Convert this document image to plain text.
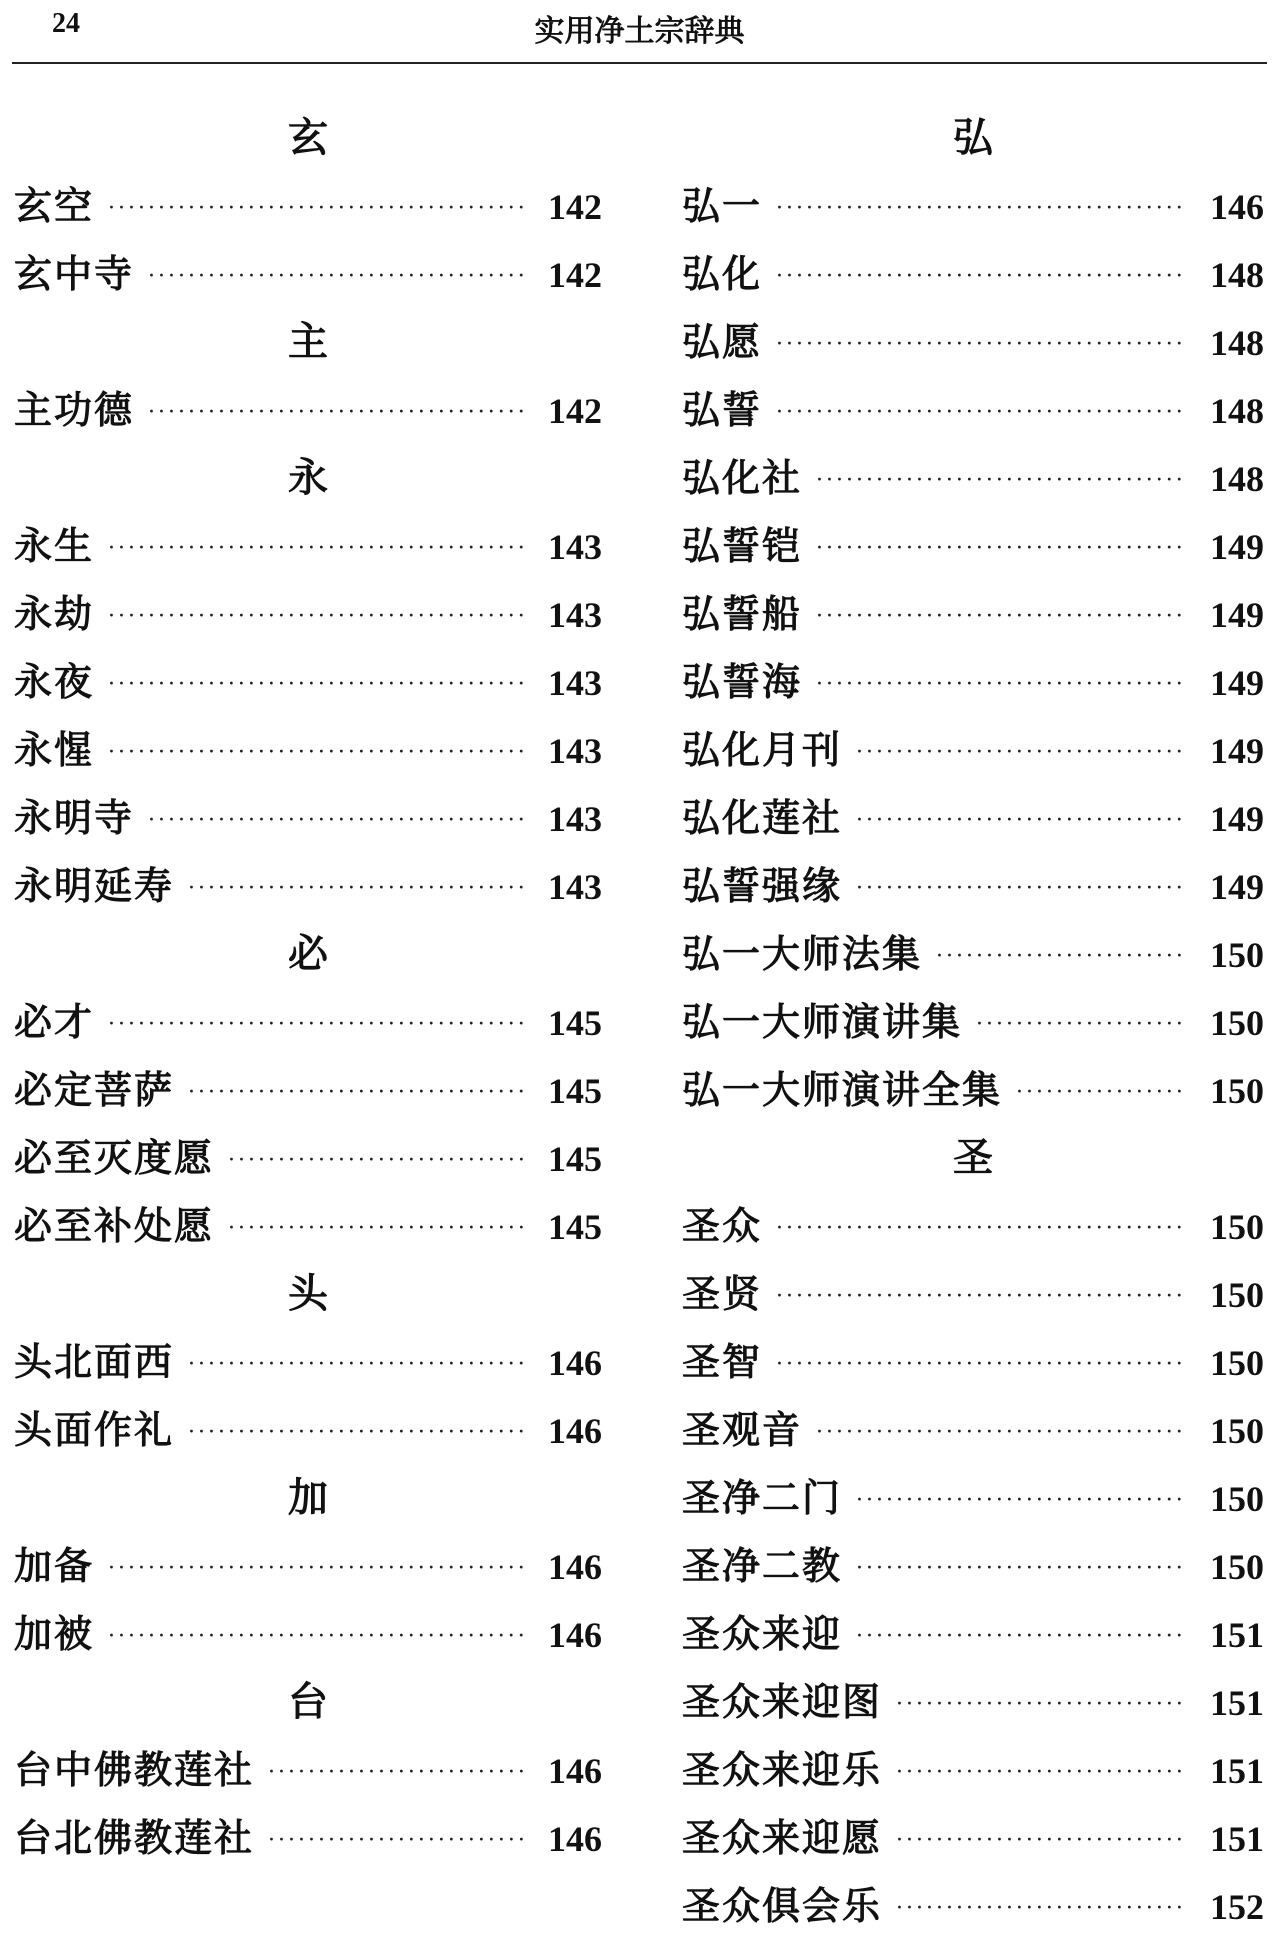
24	实用净土宗辞典
玄
玄空 ·····	142
玄中寺 ·····	142
主
主功德 ·····	142
永
永生 ·····	143
永劫 ·····	143
永夜 ·····	143
永惺 ·····	143
永明寺 ·····	143
永明延寿 ·····	143
必
必才 ·····	145
必定菩萨 ·····	145
必至灭度愿 ·····	145
必至补处愿 ·····	145
头
头北面西 ·····	146
头面作礼 ·····	146
加
加备 ·····	146
加被 ·····	146
台
台中佛教莲社 ·····	146
台北佛教莲社 ·····	146
弘
弘一 ·····	146
弘化 ·····	148
弘愿 ·····	148
弘誓 ·····	148
弘化社 ·····	148
弘誓铠 ·····	149
弘誓船 ·····	149
弘誓海 ·····	149
弘化月刊 ·····	149
弘化莲社 ·····	149
弘誓强缘 ·····	149
弘一大师法集 ·····	150
弘一大师演讲集 ·····	150
弘一大师演讲全集 ·····	150
圣
圣众 ·····	150
圣贤 ·····	150
圣智 ·····	150
圣观音 ·····	150
圣净二门 ·····	150
圣净二教 ·····	150
圣众来迎 ·····	151
圣众来迎图 ·····	151
圣众来迎乐 ·····	151
圣众来迎愿 ·····	151
圣众俱会乐 ·····	152
